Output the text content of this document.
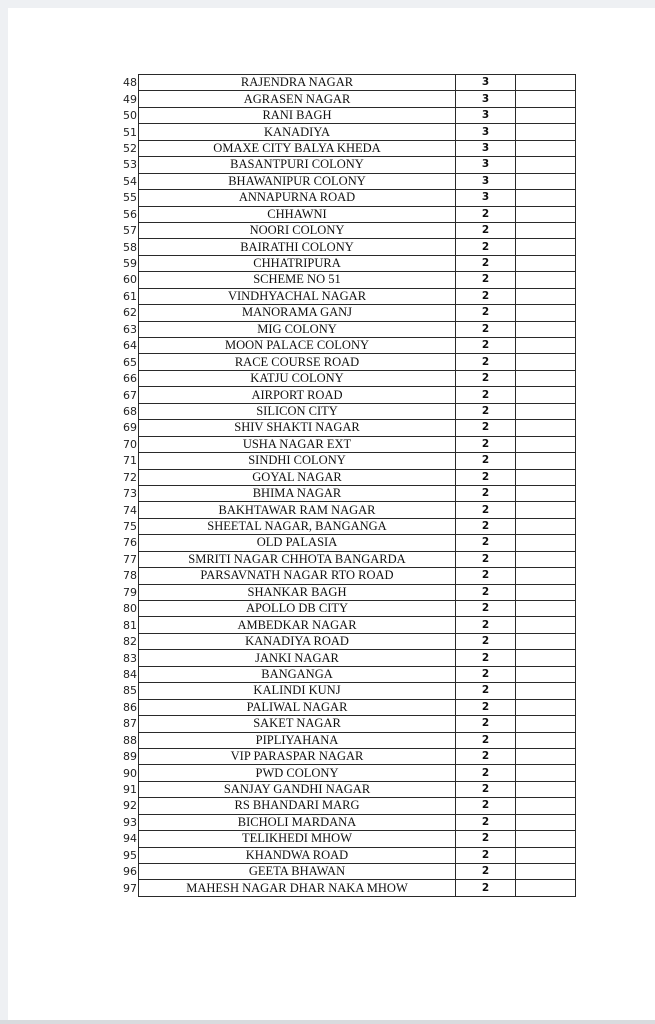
48	RAJENDRA NAGAR	3	
49	AGRASEN NAGAR	3	
50	RANI BAGH	3	
51	KANADIYA	3	
52	OMAXE CITY BALYA KHEDA	3	
53	BASANTPURI COLONY	3	
54	BHAWANIPUR COLONY	3	
55	ANNAPURNA ROAD	3	
56	CHHAWNI	2	
57	NOORI COLONY	2	
58	BAIRATHI COLONY	2	
59	CHHATRIPURA	2	
60	SCHEME NO 51	2	
61	VINDHYACHAL NAGAR	2	
62	MANORAMA GANJ	2	
63	MIG COLONY	2	
64	MOON PALACE COLONY	2	
65	RACE COURSE ROAD	2	
66	KATJU COLONY	2	
67	AIRPORT ROAD	2	
68	SILICON CITY	2	
69	SHIV SHAKTI NAGAR	2	
70	USHA NAGAR EXT	2	
71	SINDHI COLONY	2	
72	GOYAL NAGAR	2	
73	BHIMA NAGAR	2	
74	BAKHTAWAR RAM NAGAR	2	
75	SHEETAL NAGAR, BANGANGA	2	
76	OLD PALASIA	2	
77	SMRITI NAGAR CHHOTA BANGARDA	2	
78	PARSAVNATH NAGAR RTO ROAD	2	
79	SHANKAR BAGH	2	
80	APOLLO DB CITY	2	
81	AMBEDKAR NAGAR	2	
82	KANADIYA ROAD	2	
83	JANKI NAGAR	2	
84	BANGANGA	2	
85	KALINDI KUNJ	2	
86	PALIWAL NAGAR	2	
87	SAKET NAGAR	2	
88	PIPLIYAHANA	2	
89	VIP PARASPAR NAGAR	2	
90	PWD COLONY	2	
91	SANJAY GANDHI NAGAR	2	
92	RS BHANDARI MARG	2	
93	BICHOLI MARDANA	2	
94	TELIKHEDI MHOW	2	
95	KHANDWA ROAD	2	
96	GEETA BHAWAN	2	
97	MAHESH NAGAR DHAR NAKA MHOW	2	
